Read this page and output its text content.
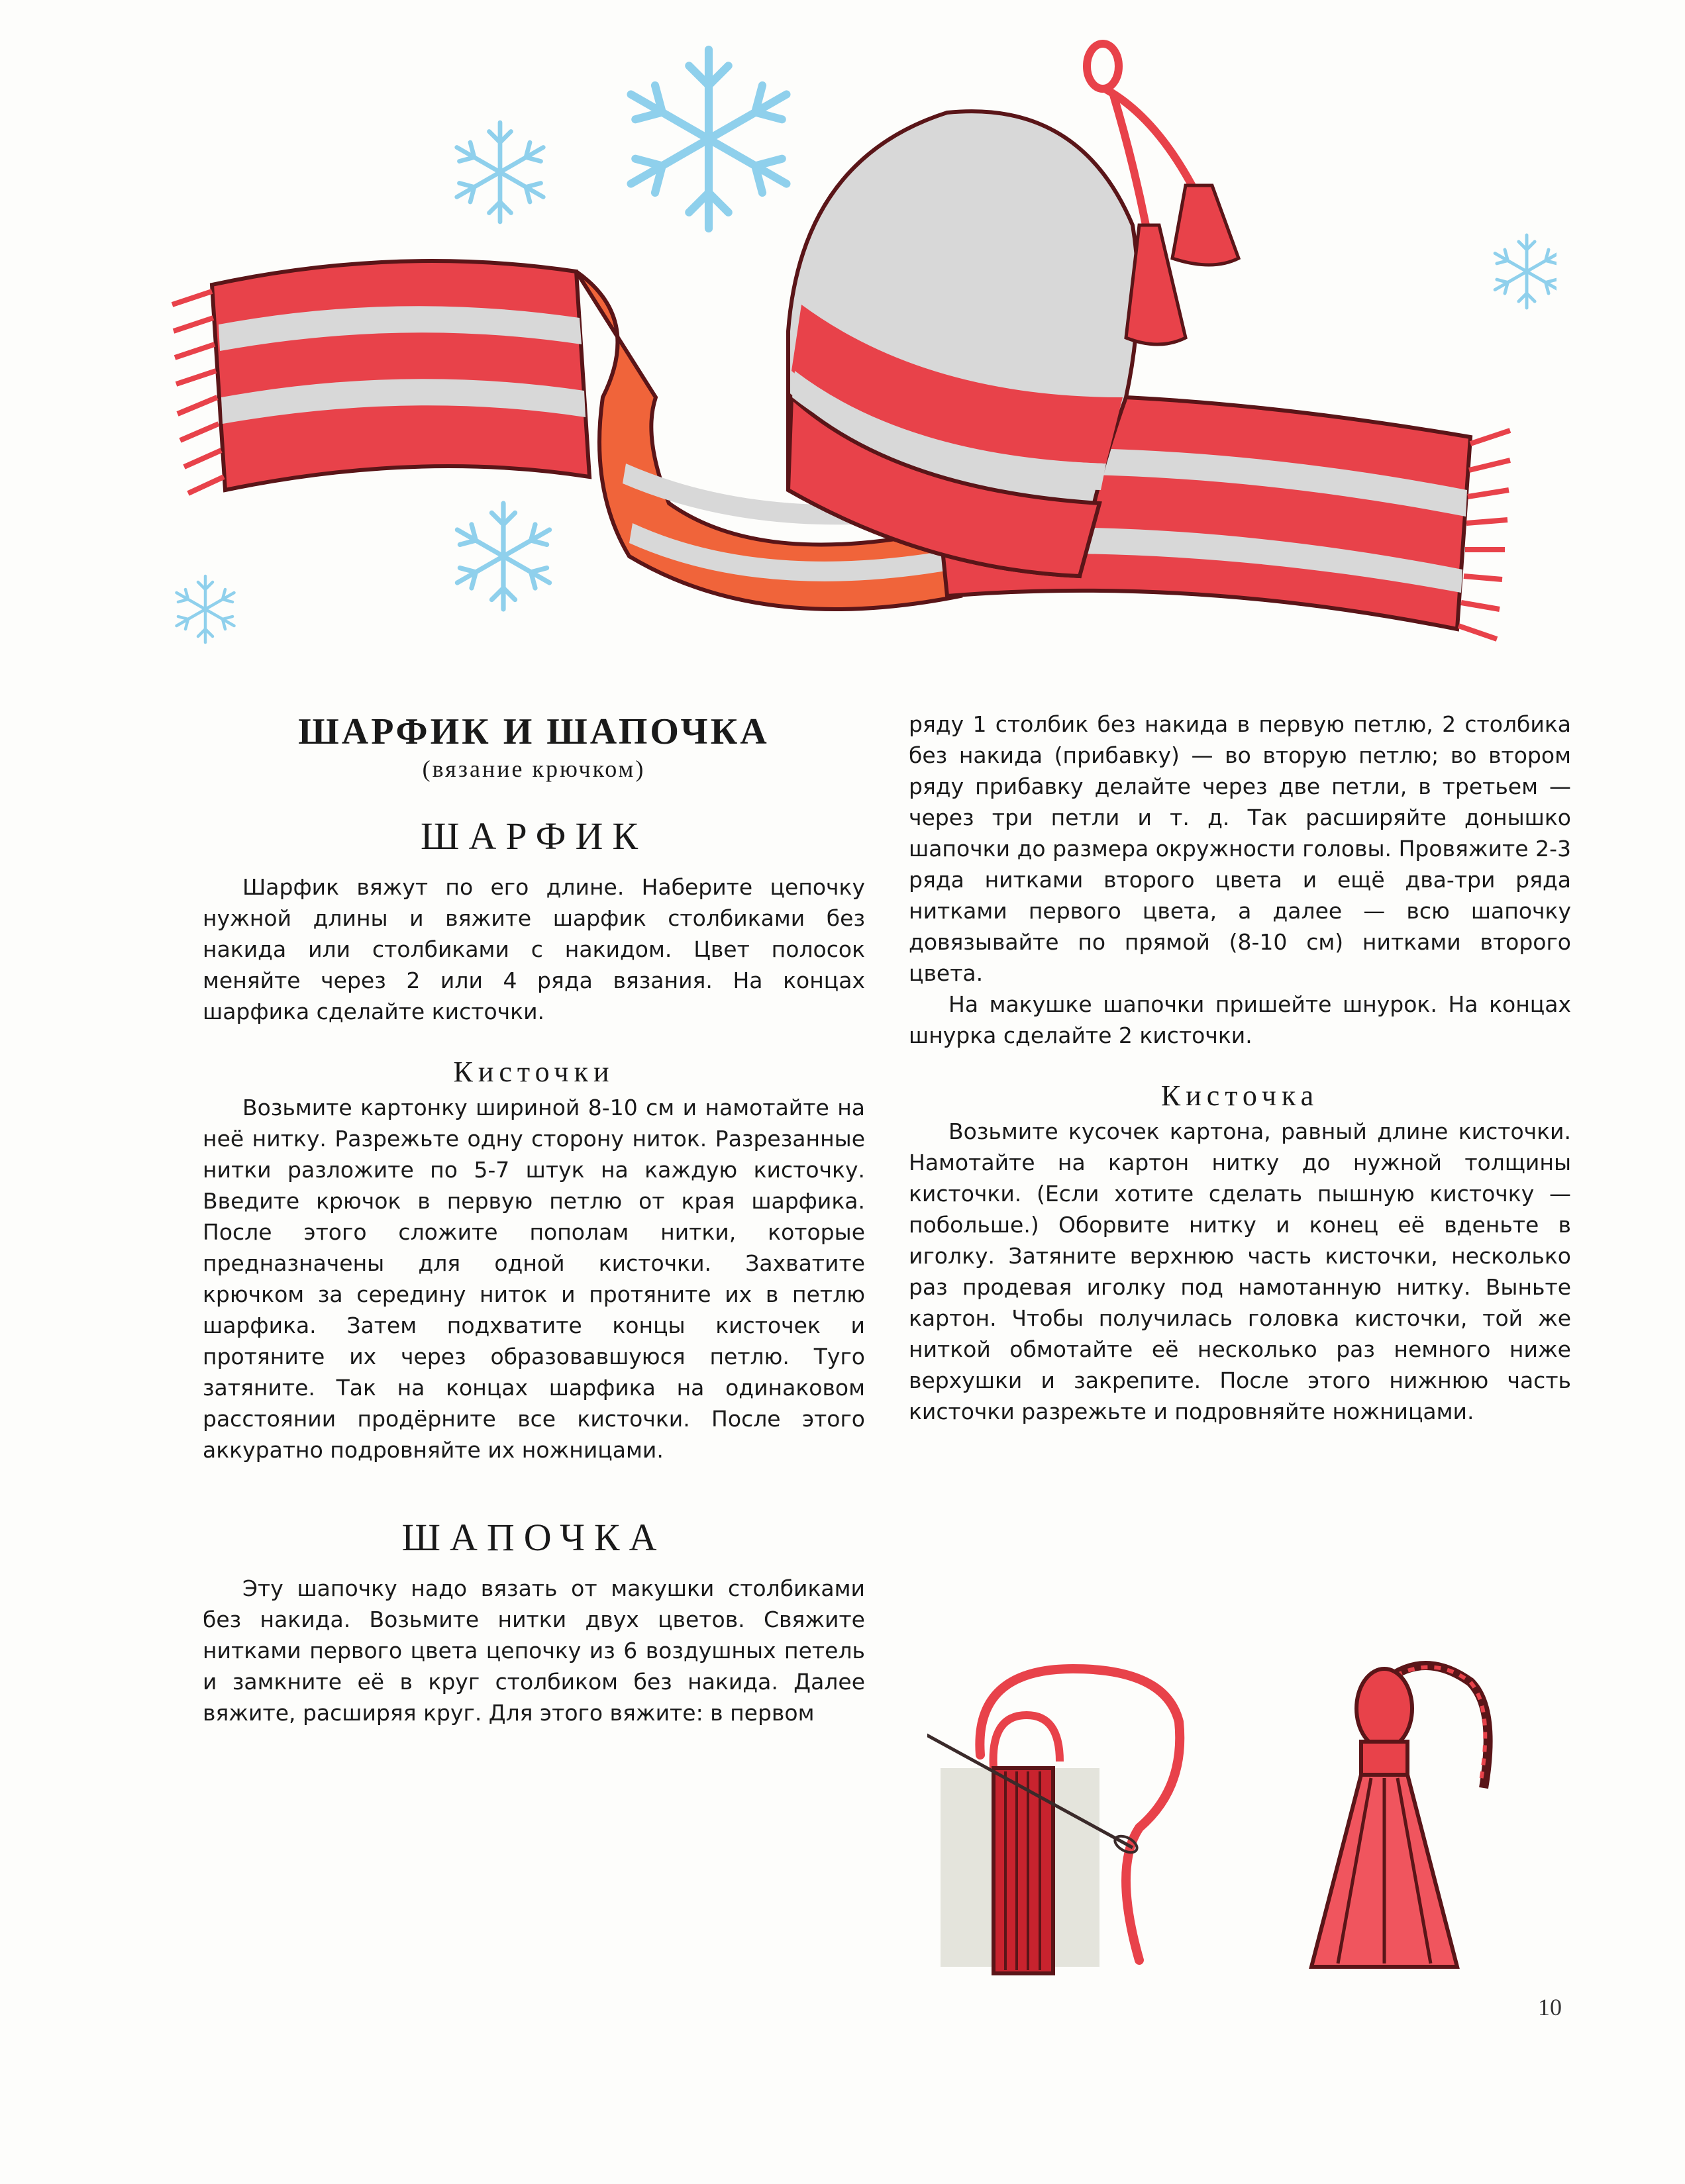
ШАРФИК И ШАПОЧКА
(вязание крючком)
ШАРФИК

Шарфик вяжут по его длине. Наберите цепочку нужной длины и вяжите шарфик столбиками без накида или столбиками с накидом. Цвет полосок меняйте через 2 или 4 ряда вязания. На концах шарфика сделайте кисточки.

Кисточки

Возьмите картонку шириной 8-10 см и намотайте на неё нитку. Разрежьте одну сторону ниток. Разрезанные нитки разложите по 5-7 штук на каждую кисточку. Введите крючок в первую петлю от края шарфика. После этого сложите пополам нитки, которые предназначены для одной кисточки. Захватите крючком за середину ниток и протяните их в петлю шарфика. Затем подхватите концы кисточек и протяните их через образовавшуюся петлю. Туго затяните. Так на концах шарфика на одинаковом расстоянии продёрните все кисточки. После этого аккуратно подровняйте их ножницами.

ШАПОЧКА

Эту шапочку надо вязать от макушки столбиками без накида. Возьмите нитки двух цветов. Свяжите нитками первого цвета цепочку из 6 воздушных петель и замкните её в круг столбиком без накида. Далее вяжите, расширяя круг. Для этого вяжите: в первом

ряду 1 столбик без накида в первую петлю, 2 столбика без накида (прибавку) — во вторую петлю; во втором ряду прибавку делайте через две петли, в третьем — через три петли и т. д. Так расширяйте донышко шапочки до размера окружности головы. Провяжите 2-3 ряда нитками второго цвета и ещё два-три ряда нитками первого цвета, а далее — всю шапочку довязывайте по прямой (8-10 см) нитками второго цвета.

На макушке шапочки пришейте шнурок. На концах шнурка сделайте 2 кисточки.

Кисточка

Возьмите кусочек картона, равный длине кисточки. Намотайте на картон нитку до нужной толщины кисточки. (Если хотите сделать пышную кисточку — побольше.) Оборвите нитку и конец её вденьте в иголку. Затяните верхнюю часть кисточки, несколько раз продевая иголку под намотанную нитку. Выньте картон. Чтобы получилась головка кисточки, той же ниткой обмотайте её несколько раз немного ниже верхушки и закрепите. После этого нижнюю часть кисточки разрежьте и подровняйте ножницами.

10
